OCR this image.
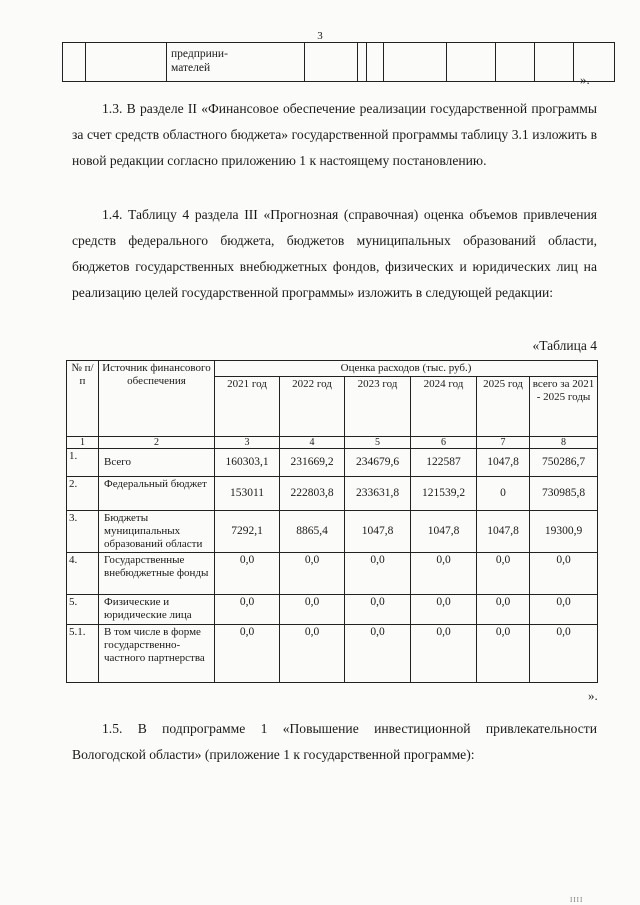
3
		предприни-
мателей								
».

1.3. В разделе II «Финансовое обеспечение реализации государственной программы за счет средств областного бюджета» государственной программы таблицу 3.1 изложить в новой редакции согласно приложению 1 к настоящему постановлению.

1.4. Таблицу 4 раздела III «Прогнозная (справочная) оценка объемов привлечения средств федерального бюджета, бюджетов муниципальных образований области, бюджетов государственных внебюджетных фондов, физических и юридических лиц на реализацию целей государственной программы» изложить в следующей редакции:

«Таблица 4
№ п/п	Источник финансового обеспечения	Оценка расходов (тыс. руб.)					
		2021 год	2022 год	2023 год	2024 год	2025 год	всего за 2021 - 2025 годы
1	2	3	4	5	6	7	8
1.	Всего	160303,1	231669,2	234679,6	122587	1047,8	750286,7
2.	Федеральный бюджет	153011	222803,8	233631,8	121539,2	0	730985,8
3.	Бюджеты муниципальных образований области	7292,1	8865,4	1047,8	1047,8	1047,8	19300,9
4.	Государственные внебюджетные фонды	0,0	0,0	0,0	0,0	0,0	0,0
5.	Физические и юридические лица	0,0	0,0	0,0	0,0	0,0	0,0
5.1.	В том числе в форме государственно-частного партнерства	0,0	0,0	0,0	0,0	0,0	0,0
».

1.5. В подпрограмме 1 «Повышение инвестиционной привлекательности Вологодской области» (приложение 1 к государственной программе):

IIII
